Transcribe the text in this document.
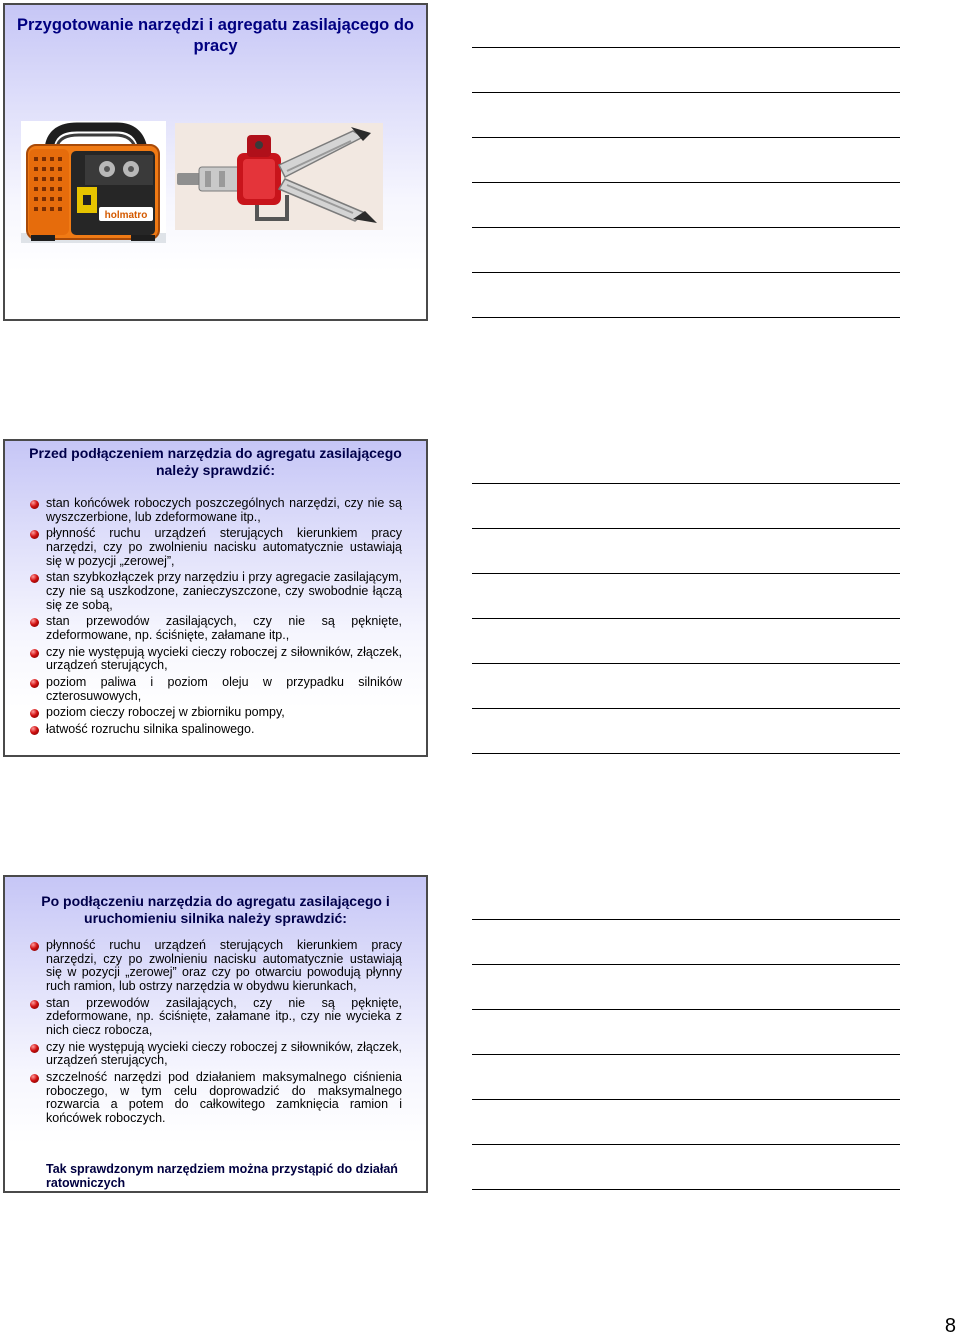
Przygotowanie narzędzi i agregatu zasilającego do pracy
holmatro
Przed podłączeniem narzędzia do agregatu zasilającego należy sprawdzić:
stan końcówek roboczych poszczególnych narzędzi, czy nie są wyszczerbione, lub zdeformowane itp.,
płynność ruchu urządzeń sterujących kierunkiem pracy narzędzi, czy po zwolnieniu nacisku automatycznie ustawiają się w pozycji „zerowej”,
stan szybkozłączek przy narzędziu i przy agregacie zasilającym, czy nie są uszkodzone, zanieczyszczone, czy swobodnie łączą się ze sobą,
stan przewodów zasilających, czy nie są pęknięte, zdeformowane, np. ściśnięte, załamane itp.,
czy nie występują wycieki cieczy roboczej z siłowników, złączek, urządzeń sterujących,
poziom paliwa i poziom oleju w przypadku silników czterosuwowych,
poziom cieczy roboczej w zbiorniku pompy,
łatwość rozruchu silnika spalinowego.
Po podłączeniu narzędzia do agregatu zasilającego i uruchomieniu silnika należy sprawdzić:
płynność ruchu urządzeń sterujących kierunkiem pracy narzędzi, czy po zwolnieniu nacisku automatycznie ustawiają się w pozycji „zerowej” oraz czy po otwarciu powodują płynny ruch ramion, lub ostrzy narzędzia w obydwu kierunkach,
stan przewodów zasilających, czy nie są pęknięte, zdeformowane, np. ściśnięte, załamane itp., czy nie wycieka z nich ciecz robocza,
czy nie występują wycieki cieczy roboczej z siłowników, złączek, urządzeń sterujących,
szczelność narzędzi pod działaniem maksymalnego ciśnienia roboczego, w tym celu doprowadzić do maksymalnego rozwarcia a potem do całkowitego zamknięcia ramion i końcówek roboczych.
Tak sprawdzonym narzędziem można przystąpić do działań ratowniczych
8
